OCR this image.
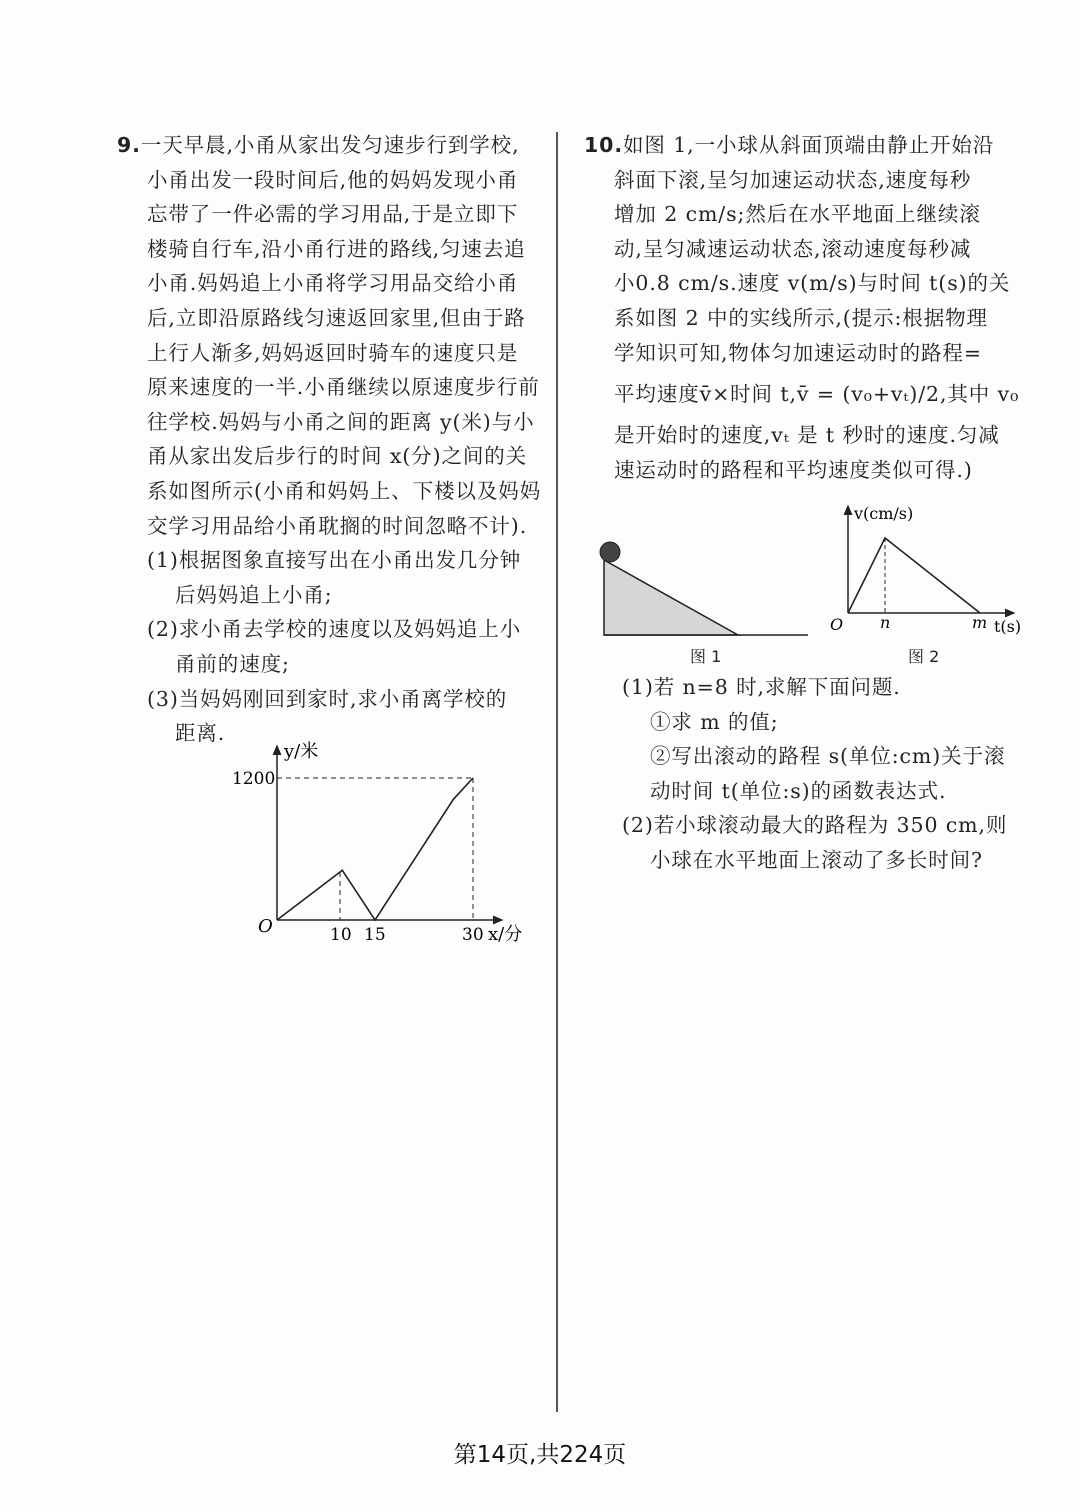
9.一天早晨,小甬从家出发匀速步行到学校,
小甬出发一段时间后,他的妈妈发现小甬
忘带了一件必需的学习用品,于是立即下
楼骑自行车,沿小甬行进的路线,匀速去追
小甬.妈妈追上小甬将学习用品交给小甬
后,立即沿原路线匀速返回家里,但由于路
上行人渐多,妈妈返回时骑车的速度只是
原来速度的一半.小甬继续以原速度步行前
往学校.妈妈与小甬之间的距离 y(米)与小
甬从家出发后步行的时间 x(分)之间的关
系如图所示(小甬和妈妈上、下楼以及妈妈
交学习用品给小甬耽搁的时间忽略不计).
(1)根据图象直接写出在小甬出发几分钟
后妈妈追上小甬;
(2)求小甬去学校的速度以及妈妈追上小
甬前的速度;
(3)当妈妈刚回到家时,求小甬离学校的
距离.
y/米
x/分
O
1200
10 15	30
10.如图 1,一小球从斜面顶端由静止开始沿
斜面下滚,呈匀加速运动状态,速度每秒
增加 2 cm/s;然后在水平地面上继续滚
动,呈匀减速运动状态,滚动速度每秒减
小0.8 cm/s.速度 v(m/s)与时间 t(s)的关
系如图 2 中的实线所示,(提示:根据物理
学知识可知,物体匀加速运动时的路程=
平均速度v̄×时间 t,v̄ = (v₀+vₜ)/2,其中 v₀
是开始时的速度,vₜ 是 t 秒时的速度.匀减
速运动时的路程和平均速度类似可得.)
图 1
v(cm/s)
O n	m t(s)
图 2
(1)若 n=8 时,求解下面问题.
①求 m 的值;
②写出滚动的路程 s(单位:cm)关于滚
动时间 t(单位:s)的函数表达式.
(2)若小球滚动最大的路程为 350 cm,则
小球在水平地面上滚动了多长时间?
第14页,共224页
